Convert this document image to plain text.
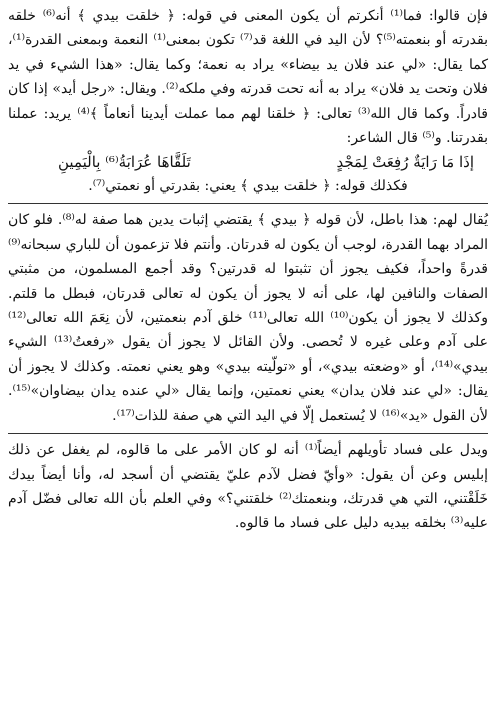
فإن قالوا: فما⁽¹⁾ أنكرتم أن يكون المعنى في قوله: ﴿ خلقت بيدي ﴾ أنه⁽⁶⁾ خلقه بقدرته أو بنعمته⁽⁵⁾؟ لأن اليد في اللغة قد⁽⁷⁾ تكون بمعنى⁽¹⁾ النعمة وبمعنى القدرة⁽¹⁾، كما يقال: «لي عند فلان يد بيضاء» يراد به نعمة؛ وكما يقال: «هذا الشيء في يد فلان وتحت يد فلان» يراد به أنه تحت قدرته وفي ملكه⁽²⁾. ويقال: «رجل أيد» إذا كان قادراً. وكما قال الله⁽³⁾ تعالى: ﴿ خلقنا لهم مما عملت أيدينا أنعاماً ﴾⁽⁴⁾ يريد: عملنا بقدرتنا. و⁽⁵⁾ قال الشاعر:

إذَا مَا رَايَةٌ رُفِعَتْ لِمَجْدٍ
تَلَقَّاهَا عُرَابَةُ⁽⁶⁾ بِالْيَمِينِ
فكذلك قوله: ﴿ خلقت بيدي ﴾ يعني: بقدرتي أو نعمتي⁽⁷⁾.

يُقال لهم: هذا باطل، لأن قوله ﴿ بيدي ﴾ يقتضي إثبات يدين هما صفة له⁽⁸⁾. فلو كان المراد بهما القدرة، لوجب أن يكون له قدرتان. وأنتم فلا تزعمون أن للباري سبحانه⁽⁹⁾ قدرةً واحداً، فكيف يجوز أن تثبتوا له قدرتين؟ وقد أجمع المسلمون، من مثبتي الصفات والنافين لها، على أنه لا يجوز أن يكون له تعالى قدرتان، فبطل ما قلتم. وكذلك لا يجوز أن يكون⁽¹⁰⁾ الله تعالى⁽¹¹⁾ خلق آدم بنعمتين، لأن نِعَمَ الله تعالى⁽¹²⁾ على آدم وعلى غيره لا تُحصى. ولأن القائل لا يجوز أن يقول «رفعتُ⁽¹³⁾ الشيء بيدي»⁽¹⁴⁾، أو «وضعته بيدي»، أو «تولّيته بيدي» وهو يعني نعمته. وكذلك لا يجوز أن يقال: «لي عند فلان يدان» يعني نعمتين، وإنما يقال «لي عنده يدان بيضاوان»⁽¹⁵⁾. لأن القول «يد»⁽¹⁶⁾ لا يُستعمل إلّا في اليد التي هي صفة للذات⁽¹⁷⁾.

ويدل على فساد تأويلهم أيضاً⁽¹⁾ أنه لو كان الأمر على ما قالوه، لم يغفل عن ذلك إبليس وعن أن يقول: «وأيّ فضل لآدم عليّ يقتضي أن أسجد له، وأنا أيضاً بيدك خَلَقْتني، التي هي قدرتك، وبنعمتك⁽²⁾ خلقتني؟» وفي العلم بأن الله تعالى فضّل آدم عليه⁽³⁾ بخلقه بيديه دليل على فساد ما قالوه.
